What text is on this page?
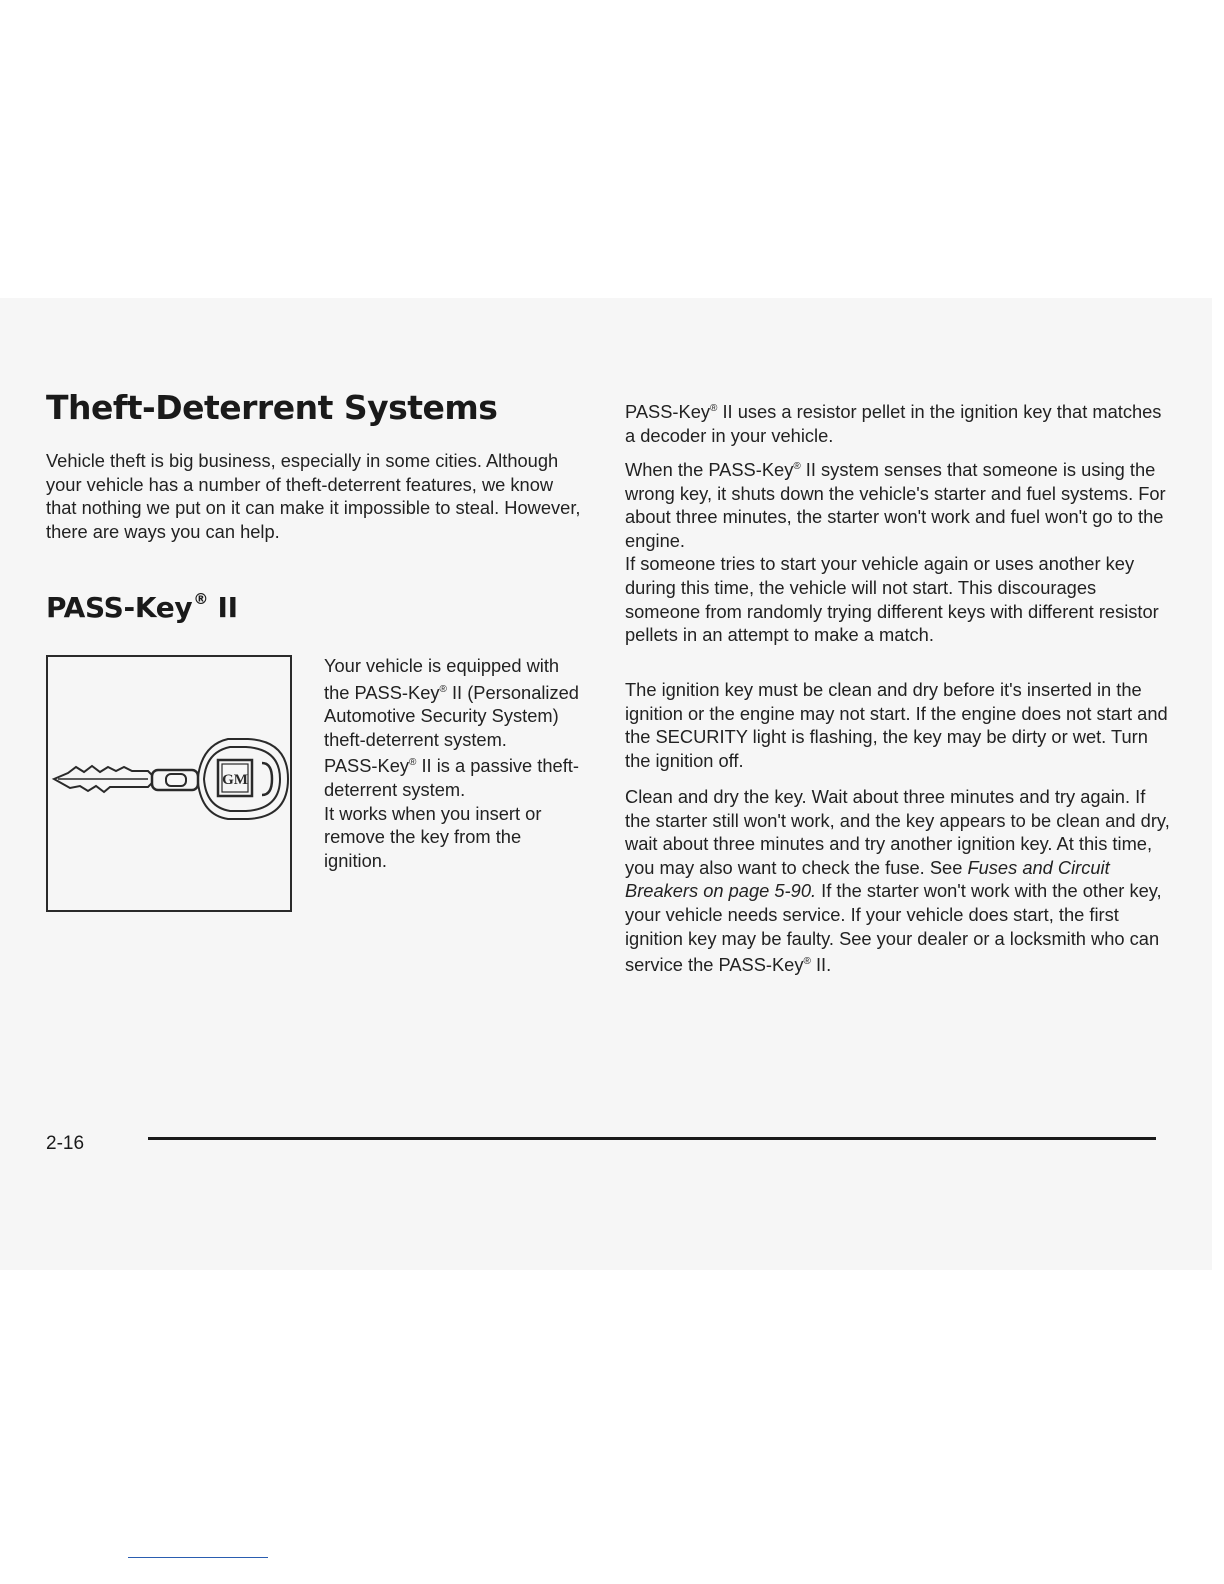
Theft-Deterrent Systems

Vehicle theft is big business, especially in some cities. Although your vehicle has a number of theft-deterrent features, we know that nothing we put on it can make it impossible to steal. However, there are ways you can help.

PASS-Key® II
GM
Your vehicle is equipped with the PASS-Key® II (Personalized Automotive Security System) theft-deterrent system.
PASS-Key® II is a passive theft-deterrent system.
It works when you insert or remove the key from the ignition.

PASS-Key® II uses a resistor pellet in the ignition key that matches a decoder in your vehicle.

When the PASS-Key® II system senses that someone is using the wrong key, it shuts down the vehicle's starter and fuel systems. For about three minutes, the starter won't work and fuel won't go to the engine.
If someone tries to start your vehicle again or uses another key during this time, the vehicle will not start. This discourages someone from randomly trying different keys with different resistor pellets in an attempt to make a match.

The ignition key must be clean and dry before it's inserted in the ignition or the engine may not start. If the engine does not start and the SECURITY light is flashing, the key may be dirty or wet. Turn the ignition off.

Clean and dry the key. Wait about three minutes and try again. If the starter still won't work, and the key appears to be clean and dry, wait about three minutes and try another ignition key. At this time, you may also want to check the fuse. See Fuses and Circuit Breakers on page 5-90. If the starter won't work with the other key, your vehicle needs service. If your vehicle does start, the first ignition key may be faulty. See your dealer or a locksmith who can service the PASS-Key® II.

2-16
